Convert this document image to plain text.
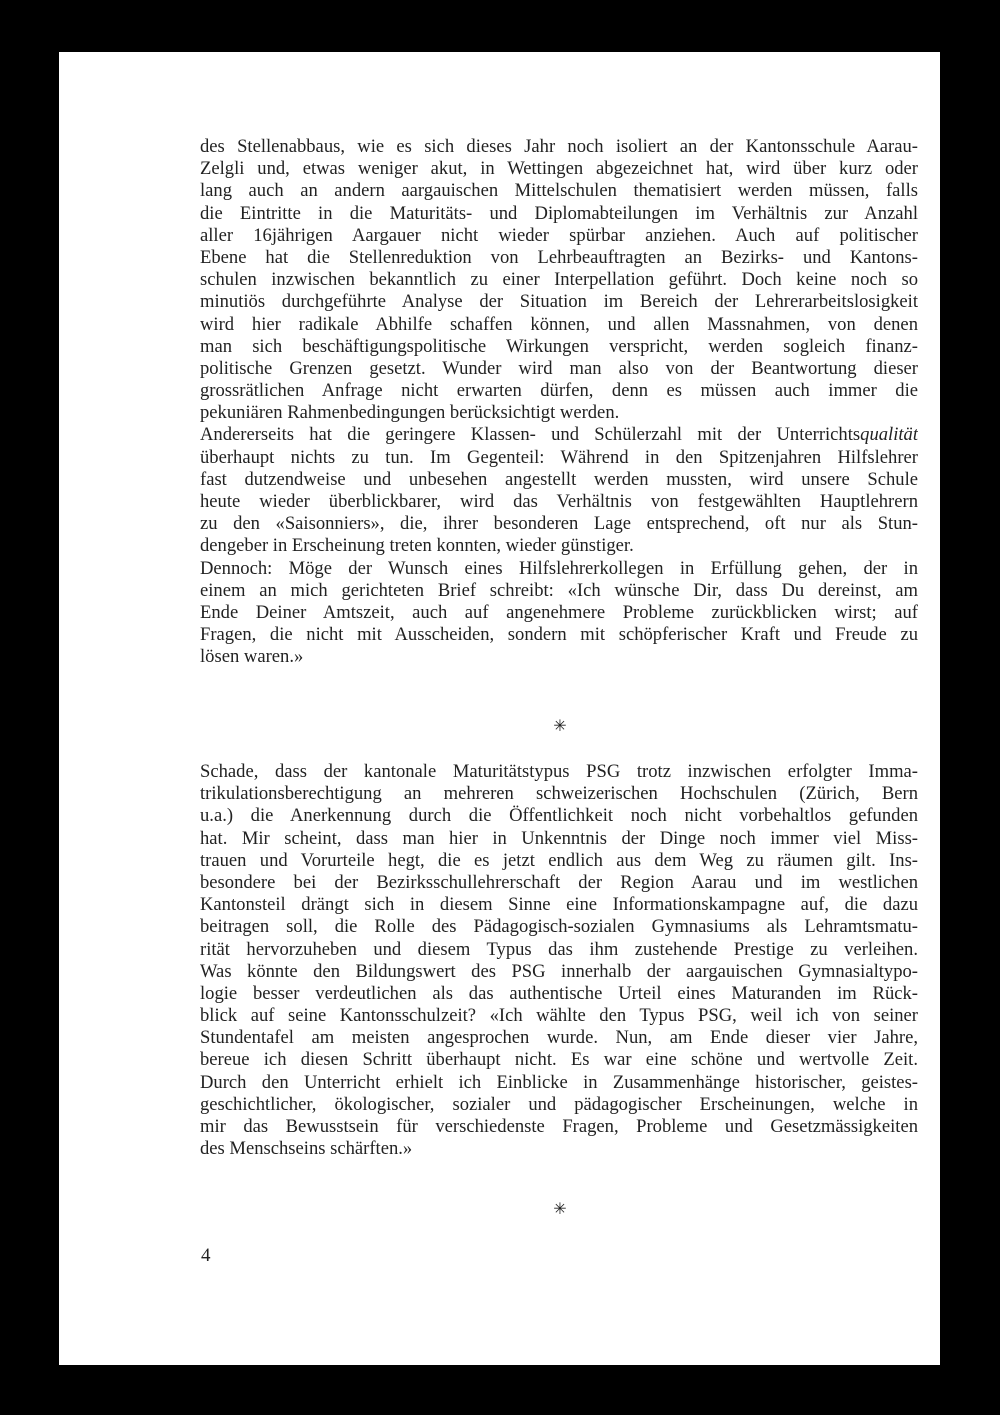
des Stellenabbaus, wie es sich dieses Jahr noch isoliert an der Kantonsschule Aarau-
Zelgli und, etwas weniger akut, in Wettingen abgezeichnet hat, wird über kurz oder
lang auch an andern aargauischen Mittelschulen thematisiert werden müssen, falls
die Eintritte in die Maturitäts- und Diplomabteilungen im Verhältnis zur Anzahl
aller 16jährigen Aargauer nicht wieder spürbar anziehen. Auch auf politischer
Ebene hat die Stellenreduktion von Lehrbeauftragten an Bezirks- und Kantons-
schulen inzwischen bekanntlich zu einer Interpellation geführt. Doch keine noch so
minutiös durchgeführte Analyse der Situation im Bereich der Lehrerarbeitslosigkeit
wird hier radikale Abhilfe schaffen können, und allen Massnahmen, von denen
man sich beschäftigungspolitische Wirkungen verspricht, werden sogleich finanz-
politische Grenzen gesetzt. Wunder wird man also von der Beantwortung dieser
grossrätlichen Anfrage nicht erwarten dürfen, denn es müssen auch immer die
pekuniären Rahmenbedingungen berücksichtigt werden.
Andererseits hat die geringere Klassen- und Schülerzahl mit der Unterrichtsqualität
überhaupt nichts zu tun. Im Gegenteil: Während in den Spitzenjahren Hilfslehrer
fast dutzendweise und unbesehen angestellt werden mussten, wird unsere Schule
heute wieder überblickbarer, wird das Verhältnis von festgewählten Hauptlehrern
zu den «Saisonniers», die, ihrer besonderen Lage entsprechend, oft nur als Stun-
dengeber in Erscheinung treten konnten, wieder günstiger.
Dennoch: Möge der Wunsch eines Hilfslehrerkollegen in Erfüllung gehen, der in
einem an mich gerichteten Brief schreibt: «Ich wünsche Dir, dass Du dereinst, am
Ende Deiner Amtszeit, auch auf angenehmere Probleme zurückblicken wirst; auf
Fragen, die nicht mit Ausscheiden, sondern mit schöpferischer Kraft und Freude zu
lösen waren.»
✳
Schade, dass der kantonale Maturitätstypus PSG trotz inzwischen erfolgter Imma-
trikulationsberechtigung an mehreren schweizerischen Hochschulen (Zürich, Bern
u.a.) die Anerkennung durch die Öffentlichkeit noch nicht vorbehaltlos gefunden
hat. Mir scheint, dass man hier in Unkenntnis der Dinge noch immer viel Miss-
trauen und Vorurteile hegt, die es jetzt endlich aus dem Weg zu räumen gilt. Ins-
besondere bei der Bezirksschullehrerschaft der Region Aarau und im westlichen
Kantonsteil drängt sich in diesem Sinne eine Informationskampagne auf, die dazu
beitragen soll, die Rolle des Pädagogisch-sozialen Gymnasiums als Lehramtsmatu-
rität hervorzuheben und diesem Typus das ihm zustehende Prestige zu verleihen.
Was könnte den Bildungswert des PSG innerhalb der aargauischen Gymnasialtypo-
logie besser verdeutlichen als das authentische Urteil eines Maturanden im Rück-
blick auf seine Kantonsschulzeit? «Ich wählte den Typus PSG, weil ich von seiner
Stundentafel am meisten angesprochen wurde. Nun, am Ende dieser vier Jahre,
bereue ich diesen Schritt überhaupt nicht. Es war eine schöne und wertvolle Zeit.
Durch den Unterricht erhielt ich Einblicke in Zusammenhänge historischer, geistes-
geschichtlicher, ökologischer, sozialer und pädagogischer Erscheinungen, welche in
mir das Bewusstsein für verschiedenste Fragen, Probleme und Gesetzmässigkeiten
des Menschseins schärften.»
✳
4
